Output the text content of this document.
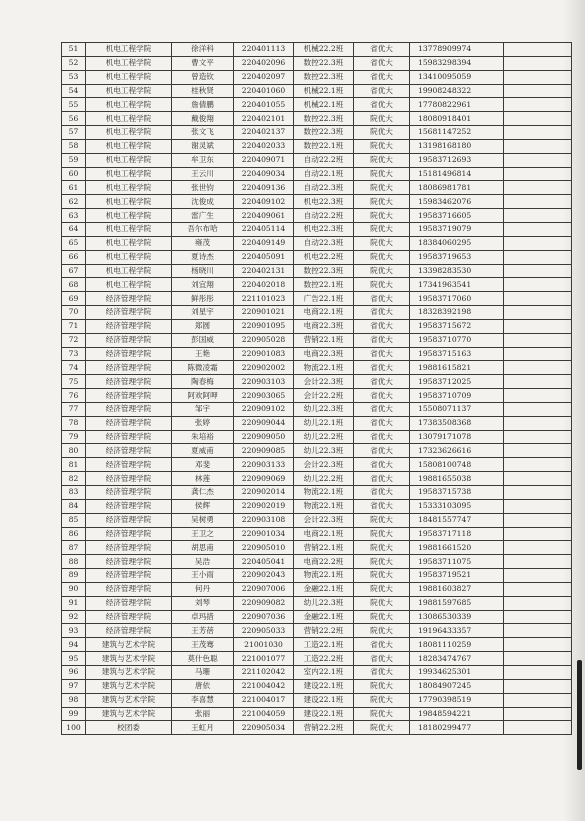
51	机电工程学院	徐洋科	220401113	机械22.2班	省优大	13778909974	
52	机电工程学院	曹文平	220402096	数控22.3班	省优大	15983298394	
53	机电工程学院	曾造钦	220402097	数控22.3班	省优大	13410095059	
54	机电工程学院	桂秋贤	220401060	机械22.1班	省优大	19908248322	
55	机电工程学院	詹倩鹏	220401055	机械22.1班	省优大	17780822961	
56	机电工程学院	戴俊翔	220402101	数控22.3班	院优大	18080918401	
57	机电工程学院	张文飞	220402137	数控22.3班	院优大	15681147252	
58	机电工程学院	谢灵斌	220402033	数控22.1班	院优大	13198168180	
59	机电工程学院	牟卫东	220409071	自动22.2班	院优大	19583712693	
60	机电工程学院	王云川	220409034	自动22.1班	院优大	15181496814	
61	机电工程学院	张世钧	220409136	自动22.3班	院优大	18086981781	
62	机电工程学院	沈俊成	220409102	机电22.3班	院优大	15983462076	
63	机电工程学院	雷广生	220409061	自动22.2班	院优大	19583716605	
64	机电工程学院	吾尔布哈	220405114	机电22.3班	院优大	19583719079	
65	机电工程学院	雍茂	220409149	自动22.3班	院优大	18384060295	
66	机电工程学院	夏诗杰	220405091	机电22.2班	院优大	19583719653	
67	机电工程学院	杨晓川	220402131	数控22.3班	院优大	13398283530	
68	机电工程学院	刘宜翔	220402018	数控22.1班	院优大	17341963541	
69	经济管理学院	鲜彤彤	221101023	广告22.1班	省优大	19583717060	
70	经济管理学院	刘星宇	220901021	电商22.1班	省优大	18328392198	
71	经济管理学院	郑圆	220901095	电商22.3班	省优大	19583715672	
72	经济管理学院	彭国威	220905028	营销22.1班	省优大	19583710770	
73	经济管理学院	王艳	220901083	电商22.3班	省优大	19583715163	
74	经济管理学院	陈微凌霜	220902002	物流22.1班	省优大	19881615821	
75	经济管理学院	陶春梅	220903103	会计22.3班	省优大	19583712025	
76	经济管理学院	阿欢阿呷	220903065	会计22.2班	省优大	19583710709	
77	经济管理学院	邹宇	220909102	幼儿22.3班	省优大	15508071137	
78	经济管理学院	张婷	220909044	幼儿22.1班	省优大	17383508368	
79	经济管理学院	朱培裕	220909050	幼儿22.2班	省优大	13079171078	
80	经济管理学院	夏威甫	220909085	幼儿22.3班	省优大	17323626616	
81	经济管理学院	邓斐	220903133	会计22.3班	省优大	15808100748	
82	经济管理学院	林莲	220909069	幼儿22.2班	省优大	19881655038	
83	经济管理学院	龚仁杰	220902014	物流22.1班	省优大	19583715738	
84	经济管理学院	侯辉	220902019	物流22.1班	省优大	15333103095	
85	经济管理学院	吴树勇	220903108	会计22.3班	院优大	18481557747	
86	经济管理学院	王卫之	220901034	电商22.1班	院优大	19583717118	
87	经济管理学院	胡思甫	220905010	营销22.1班	院优大	19881661520	
88	经济管理学院	吴浩	220405041	电商22.2班	院优大	19583711075	
89	经济管理学院	王小雨	220902043	物流22.1班	院优大	19583719521	
90	经济管理学院	何丹	220907006	金融22.1班	院优大	19881603827	
91	经济管理学院	刘琴	220909082	幼儿22.3班	院优大	19881597685	
92	经济管理学院	卓玛措	220907036	金融22.1班	院优大	13086530339	
93	经济管理学院	王芳蓓	220905033	营销22.2班	院优大	19196433357	
94	建筑与艺术学院	王茂骞	21001030	工造22.1班	省优大	18081110259	
95	建筑与艺术学院	莫什色聪	221001077	工造22.2班	省优大	18283474767	
96	建筑与艺术学院	马珊	221102042	室内22.1班	省优大	19934625301	
97	建筑与艺术学院	唐依	221004042	建设22.1班	院优大	18084907245	
98	建筑与艺术学院	李喜慧	221004017	建设22.1班	院优大	17790398519	
99	建筑与艺术学院	张丽	221004059	建设22.1班	院优大	19848594221	
100	校团委	王虹月	220905034	营销22.2班	院优大	18180299477	
